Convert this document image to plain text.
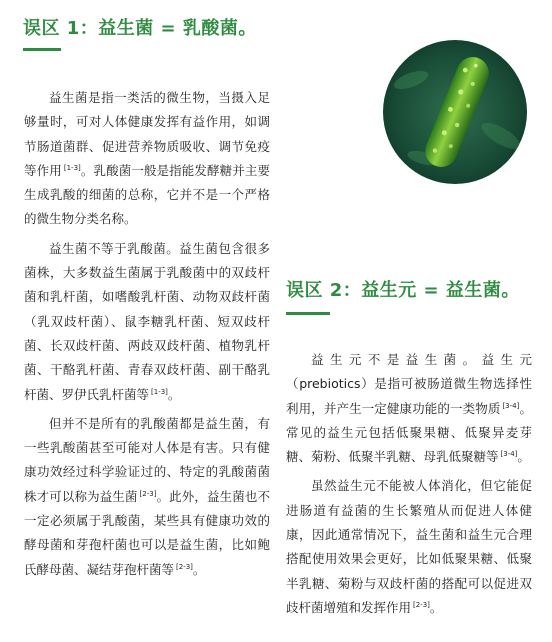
误区 1：益生菌 = 乳酸菌。

益生菌是指一类活的微生物，当摄入足够量时，可对人体健康发挥有益作用，如调节肠道菌群、促进营养物质吸收、调节免疫等作用 [1-3]。乳酸菌一般是指能发酵糖并主要生成乳酸的细菌的总称，它并不是一个严格的微生物分类名称。

益生菌不等于乳酸菌。益生菌包含很多菌株，大多数益生菌属于乳酸菌中的双歧杆菌和乳杆菌，如嗜酸乳杆菌、动物双歧杆菌（乳双歧杆菌）、鼠李糖乳杆菌、短双歧杆菌、长双歧杆菌、两歧双歧杆菌、植物乳杆菌、干酪乳杆菌、青春双歧杆菌、副干酪乳杆菌、罗伊氏乳杆菌等 [1-3]。

但并不是所有的乳酸菌都是益生菌，有一些乳酸菌甚至可能对人体是有害。只有健康功效经过科学验证过的、特定的乳酸菌菌株才可以称为益生菌 [2-3]。此外，益生菌也不一定必须属于乳酸菌，某些具有健康功效的酵母菌和芽孢杆菌也可以是益生菌，比如鲍氏酵母菌、凝结芽孢杆菌等 [2-3]。

误区 2：益生元 = 益生菌。

益生元不是益生菌。益生元（prebiotics）是指可被肠道微生物选择性利用，并产生一定健康功能的一类物质 [3-4]。常见的益生元包括低聚果糖、低聚异麦芽糖、菊粉、低聚半乳糖、母乳低聚糖等 [3-4]。

虽然益生元不能被人体消化，但它能促进肠道有益菌的生长繁殖从而促进人体健康，因此通常情况下，益生菌和益生元合理搭配使用效果会更好，比如低聚果糖、低聚半乳糖、菊粉与双歧杆菌的搭配可以促进双歧杆菌增殖和发挥作用 [2-3]。
